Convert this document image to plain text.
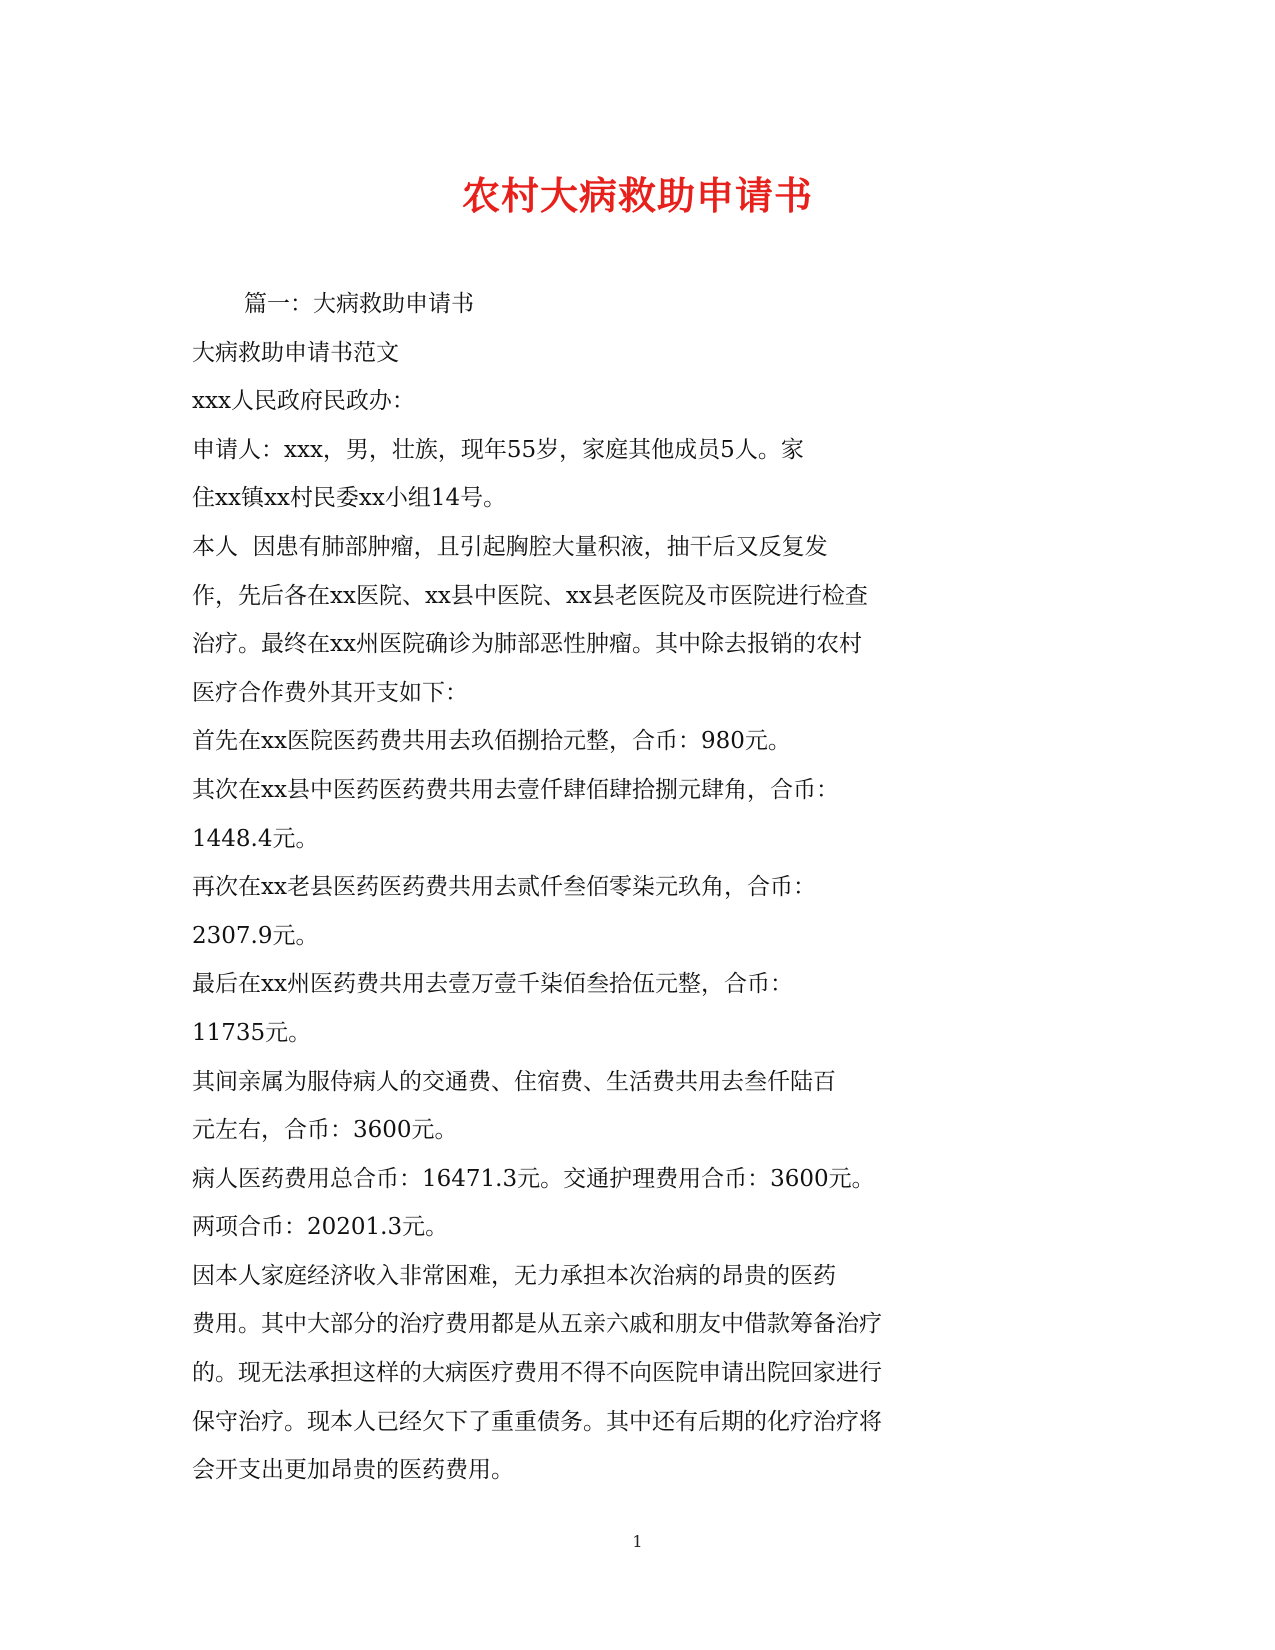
农村大病救助申请书
篇一：大病救助申请书
大病救助申请书范文
xxx人民政府民政办：
申请人：xxx，男，壮族，现年55岁，家庭其他成员5人。家
住xx镇xx村民委xx小组14号。
本人  因患有肺部肿瘤，且引起胸腔大量积液，抽干后又反复发
作，先后各在xx医院、xx县中医院、xx县老医院及市医院进行检查
治疗。最终在xx州医院确诊为肺部恶性肿瘤。其中除去报销的农村
医疗合作费外其开支如下：
首先在xx医院医药费共用去玖佰捌拾元整，合币：980元。
其次在xx县中医药医药费共用去壹仟肆佰肆拾捌元肆角，合币：
1448.4元。
再次在xx老县医药医药费共用去贰仟叁佰零柒元玖角，合币：
2307.9元。
最后在xx州医药费共用去壹万壹千柒佰叁拾伍元整，合币：
11735元。
其间亲属为服侍病人的交通费、住宿费、生活费共用去叁仟陆百
元左右，合币：3600元。
病人医药费用总合币：16471.3元。交通护理费用合币：3600元。
两项合币：20201.3元。
因本人家庭经济收入非常困难，无力承担本次治病的昂贵的医药
费用。其中大部分的治疗费用都是从五亲六戚和朋友中借款筹备治疗
的。现无法承担这样的大病医疗费用不得不向医院申请出院回家进行
保守治疗。现本人已经欠下了重重债务。其中还有后期的化疗治疗将
会开支出更加昂贵的医药费用。
1
